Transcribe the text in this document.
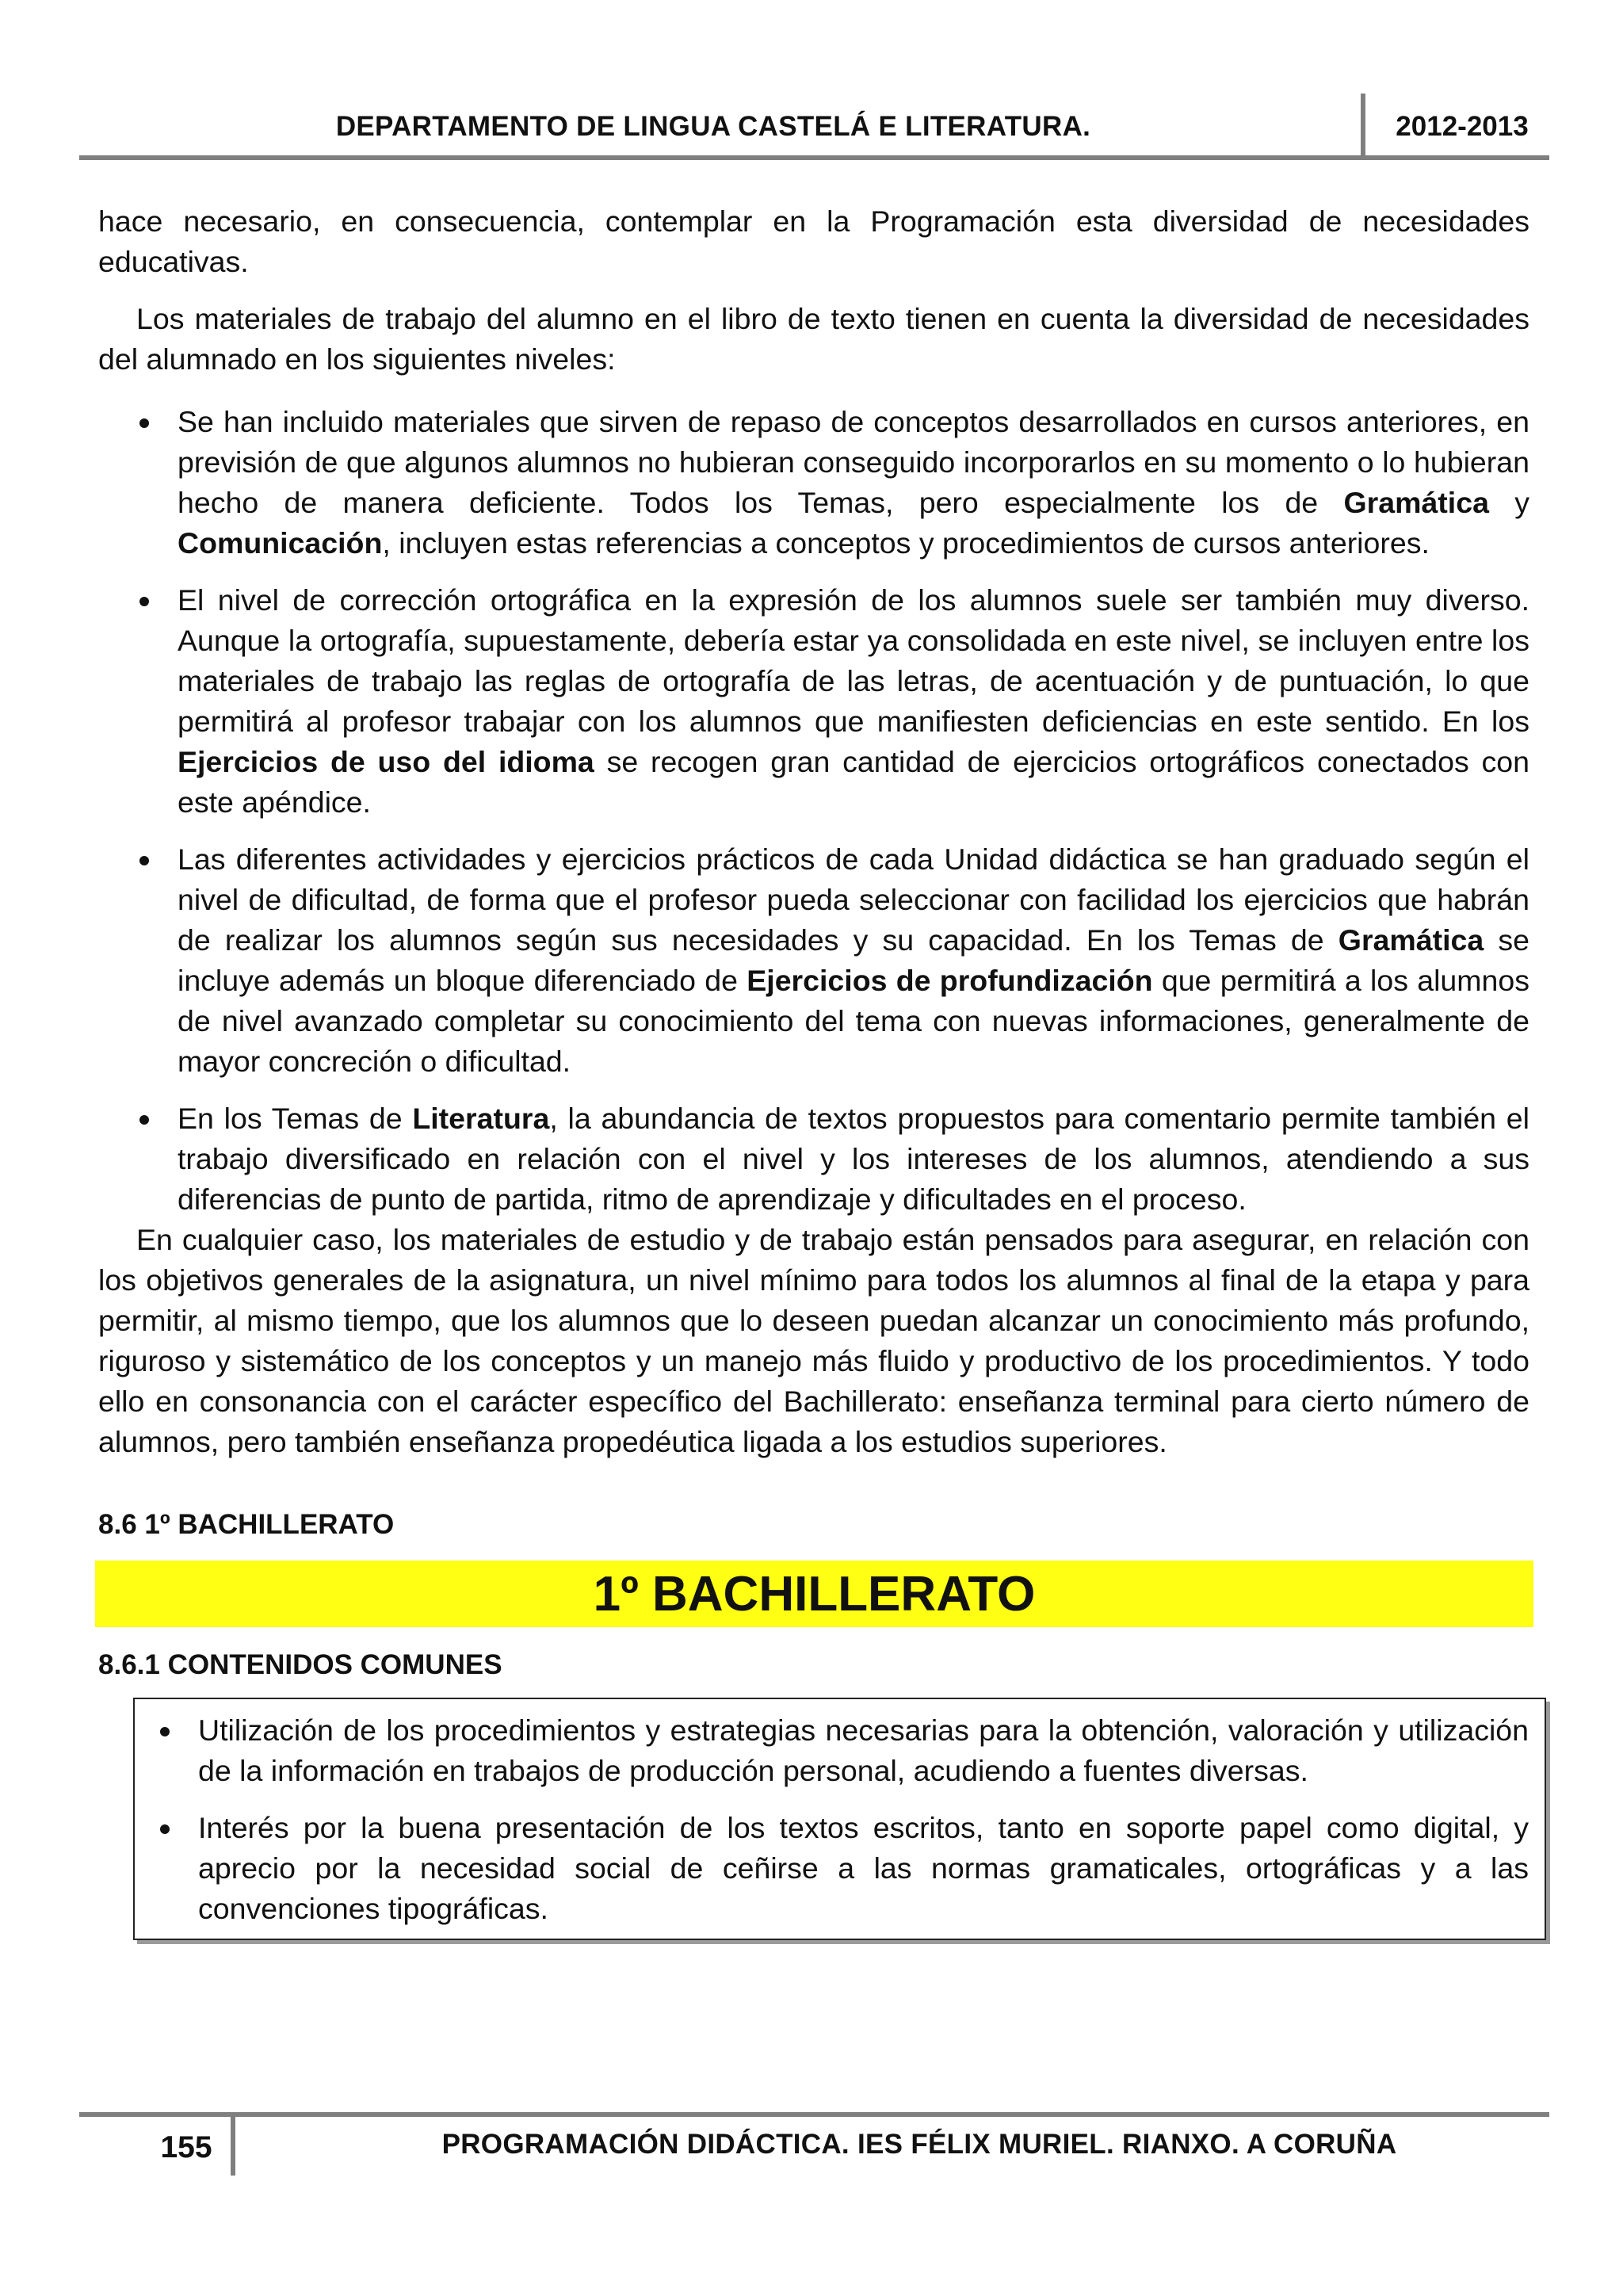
DEPARTAMENTO DE LINGUA CASTELÁ E LITERATURA.	2012-2013

hace necesario, en consecuencia, contemplar en la Programación esta diversidad de necesidades educativas.

Los materiales de trabajo del alumno en el libro de texto tienen en cuenta la diversidad de necesidades del alumnado en los siguientes niveles:

Se han incluido materiales que sirven de repaso de conceptos desarrollados en cursos anteriores, en previsión de que algunos alumnos no hubieran conseguido incorporarlos en su momento o lo hubieran hecho de manera deficiente. Todos los Temas, pero especialmente los de Gramática y Comunicación, incluyen estas referencias a conceptos y procedimientos de cursos anteriores.
El nivel de corrección ortográfica en la expresión de los alumnos suele ser también muy diverso. Aunque la ortografía, supuestamente, debería estar ya consolidada en este nivel, se incluyen entre los materiales de trabajo las reglas de ortografía de las letras, de acentuación y de puntuación, lo que permitirá al profesor trabajar con los alumnos que manifiesten deficiencias en este sentido. En los Ejercicios de uso del idioma se recogen gran cantidad de ejercicios ortográficos conectados con este apéndice.
Las diferentes actividades y ejercicios prácticos de cada Unidad didáctica se han graduado según el nivel de dificultad, de forma que el profesor pueda seleccionar con facilidad los ejercicios que habrán de realizar los alumnos según sus necesidades y su capacidad. En los Temas de Gramática se incluye además un bloque diferenciado de Ejercicios de profundización que permitirá a los alumnos de nivel avanzado completar su conocimiento del tema con nuevas informaciones, generalmente de mayor concreción o dificultad.
En los Temas de Literatura, la abundancia de textos propuestos para comentario permite también el trabajo diversificado en relación con el nivel y los intereses de los alumnos, atendiendo a sus diferencias de punto de partida, ritmo de aprendizaje y dificultades en el proceso.

En cualquier caso, los materiales de estudio y de trabajo están pensados para asegurar, en relación con los objetivos generales de la asignatura, un nivel mínimo para todos los alumnos al final de la etapa y para permitir, al mismo tiempo, que los alumnos que lo deseen puedan alcanzar un conocimiento más profundo, riguroso y sistemático de los conceptos y un manejo más fluido y productivo de los procedimientos. Y todo ello en consonancia con el carácter específico del Bachillerato: enseñanza terminal para cierto número de alumnos, pero también enseñanza propedéutica ligada a los estudios superiores.

8.6 1º BACHILLERATO
1º BACHILLERATO
8.6.1 CONTENIDOS COMUNES
Utilización de los procedimientos y estrategias necesarias para la obtención, valoración y utilización de la información en trabajos de producción personal, acudiendo a fuentes diversas.
Interés por la buena presentación de los textos escritos, tanto en soporte papel como digital, y aprecio por la necesidad social de ceñirse a las normas gramaticales, ortográficas y a las convenciones tipográficas.
155	PROGRAMACIÓN DIDÁCTICA. IES FÉLIX MURIEL. RIANXO. A CORUÑA
